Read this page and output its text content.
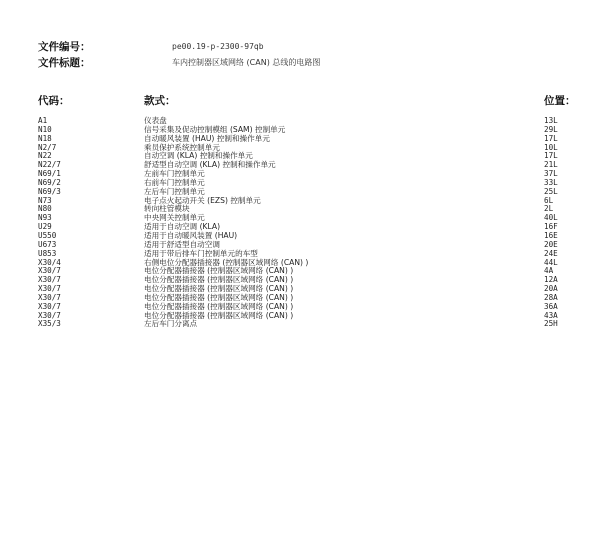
文件编号：	pe00.19-p-2300-97qb
文件标题：	车内控制器区域网络 (CAN) 总线的电路图
代码：	款式：	位置：
A1	仪表盘	13L
N10	信号采集及促动控制模组 (SAM) 控制单元	29L
N18	自动暖风装置 (HAU) 控制和操作单元	17L
N2/7	乘员保护系统控制单元	10L
N22	自动空调 (KLA) 控制和操作单元	17L
N22/7	舒适型自动空调 (KLA) 控制和操作单元	21L
N69/1	左前车门控制单元	37L
N69/2	右前车门控制单元	33L
N69/3	左后车门控制单元	25L
N73	电子点火起动开关 (EZS) 控制单元	6L
N80	转向柱管模块	2L
N93	中央网关控制单元	40L
U29	适用于自动空调 (KLA)	16F
U550	适用于自动暖风装置 (HAU)	16E
U673	适用于舒适型自动空调	20E
U853	适用于带后排车门控制单元的车型	24E
X30/4	右侧电位分配器插接器 (控制器区域网络 (CAN) )	44L
X30/7	电位分配器插接器 (控制器区域网络 (CAN) )	4A
X30/7	电位分配器插接器 (控制器区域网络 (CAN) )	12A
X30/7	电位分配器插接器 (控制器区域网络 (CAN) )	20A
X30/7	电位分配器插接器 (控制器区域网络 (CAN) )	28A
X30/7	电位分配器插接器 (控制器区域网络 (CAN) )	36A
X30/7	电位分配器插接器 (控制器区域网络 (CAN) )	43A
X35/3	左后车门分离点	25H
